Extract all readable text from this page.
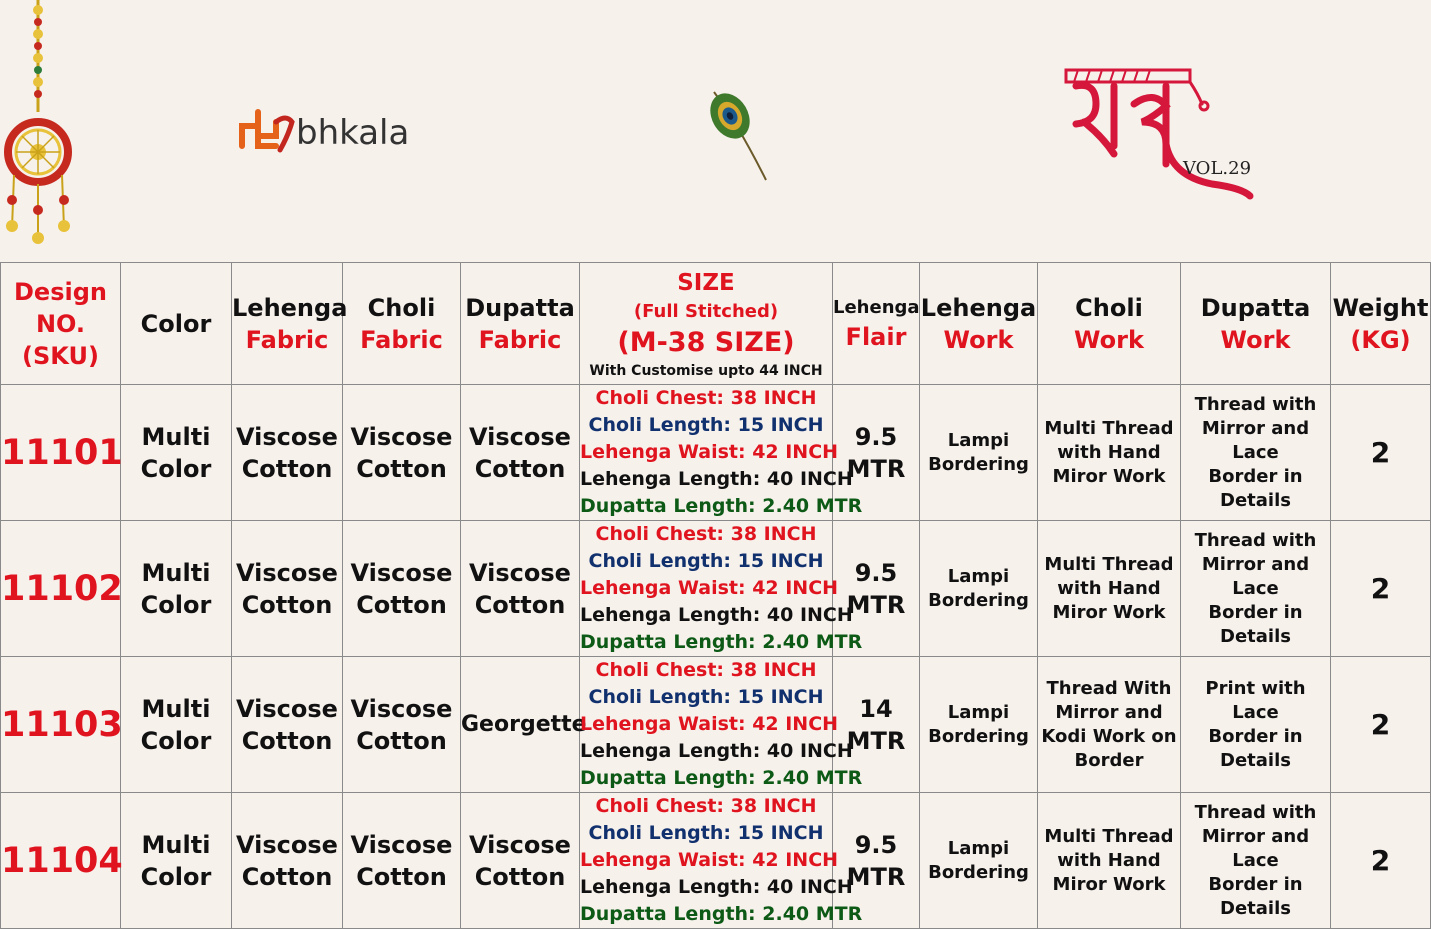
bhkala
VOL.29
Design
NO.
(SKU)	Color	Lehenga
Fabric	Choli
Fabric	Dupatta
Fabric	SIZE
(Full Stitched)
(M-38 SIZE)
With Customise upto 44 INCH	Lehenga
Flair	Lehenga
Work	Choli
Work	Dupatta
Work	Weight
(KG)

11101	Multi
Color	Viscose
Cotton	Viscose
Cotton	Viscose
Cotton	Choli Chest: 38 INCH
Choli Length: 15 INCH
Lehenga Waist: 42 INCH
Lehenga Length: 40 INCH
Dupatta Length: 2.40 MTR	9.5
MTR	Lampi
Bordering	Multi Thread
with Hand
Miror Work	Thread with
Mirror and Lace
Border in
Details	2
11102	Multi
Color	Viscose
Cotton	Viscose
Cotton	Viscose
Cotton	Choli Chest: 38 INCH
Choli Length: 15 INCH
Lehenga Waist: 42 INCH
Lehenga Length: 40 INCH
Dupatta Length: 2.40 MTR	9.5
MTR	Lampi
Bordering	Multi Thread
with Hand
Miror Work	Thread with
Mirror and Lace
Border in
Details	2
11103	Multi
Color	Viscose
Cotton	Viscose
Cotton	Georgette	Choli Chest: 38 INCH
Choli Length: 15 INCH
Lehenga Waist: 42 INCH
Lehenga Length: 40 INCH
Dupatta Length: 2.40 MTR	14
MTR	Lampi
Bordering	Thread With
Mirror and
Kodi Work on
Border	Print with Lace
Border in
Details	2
11104	Multi
Color	Viscose
Cotton	Viscose
Cotton	Viscose
Cotton	Choli Chest: 38 INCH
Choli Length: 15 INCH
Lehenga Waist: 42 INCH
Lehenga Length: 40 INCH
Dupatta Length: 2.40 MTR	9.5
MTR	Lampi
Bordering	Multi Thread
with Hand
Miror Work	Thread with
Mirror and Lace
Border in
Details	2
